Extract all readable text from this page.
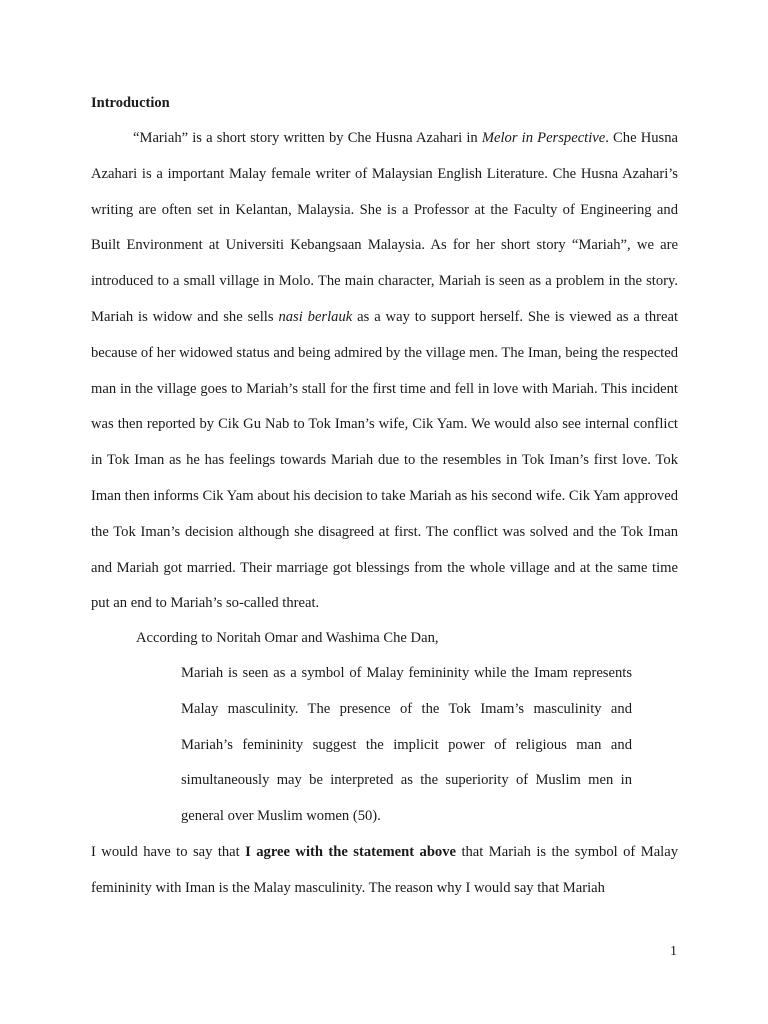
Introduction

“Mariah” is a short story written by Che Husna Azahari in Melor in Perspective. Che Husna Azahari is a important Malay female writer of Malaysian English Literature. Che Husna Azahari’s writing are often set in Kelantan, Malaysia. She is a Professor at the Faculty of Engineering and Built Environment at Universiti Kebangsaan Malaysia. As for her short story “Mariah”, we are introduced to a small village in Molo. The main character, Mariah is seen as a problem in the story. Mariah is widow and she sells nasi berlauk as a way to support herself. She is viewed as a threat because of her widowed status and being admired by the village men. The Iman, being the respected man in the village goes to Mariah’s stall for the first time and fell in love with Mariah. This incident was then reported by Cik Gu Nab to Tok Iman’s wife, Cik Yam. We would also see internal conflict in Tok Iman as he has feelings towards Mariah due to the resembles in Tok Iman’s first love. Tok Iman then informs Cik Yam about his decision to take Mariah as his second wife. Cik Yam approved the Tok Iman’s decision although she disagreed at first. The conflict was solved and the Tok Iman and Mariah got married. Their marriage got blessings from the whole village and at the same time put an end to Mariah’s so-called threat.

According to Noritah Omar and Washima Che Dan,

Mariah is seen as a symbol of Malay femininity while the Imam represents Malay masculinity. The presence of the Tok Imam’s masculinity and Mariah’s femininity suggest the implicit power of religious man and simultaneously may be interpreted as the superiority of Muslim men in general over Muslim women (50).

I would have to say that I agree with the statement above that Mariah is the symbol of Malay femininity with Iman is the Malay masculinity. The reason why I would say that Mariah

1
